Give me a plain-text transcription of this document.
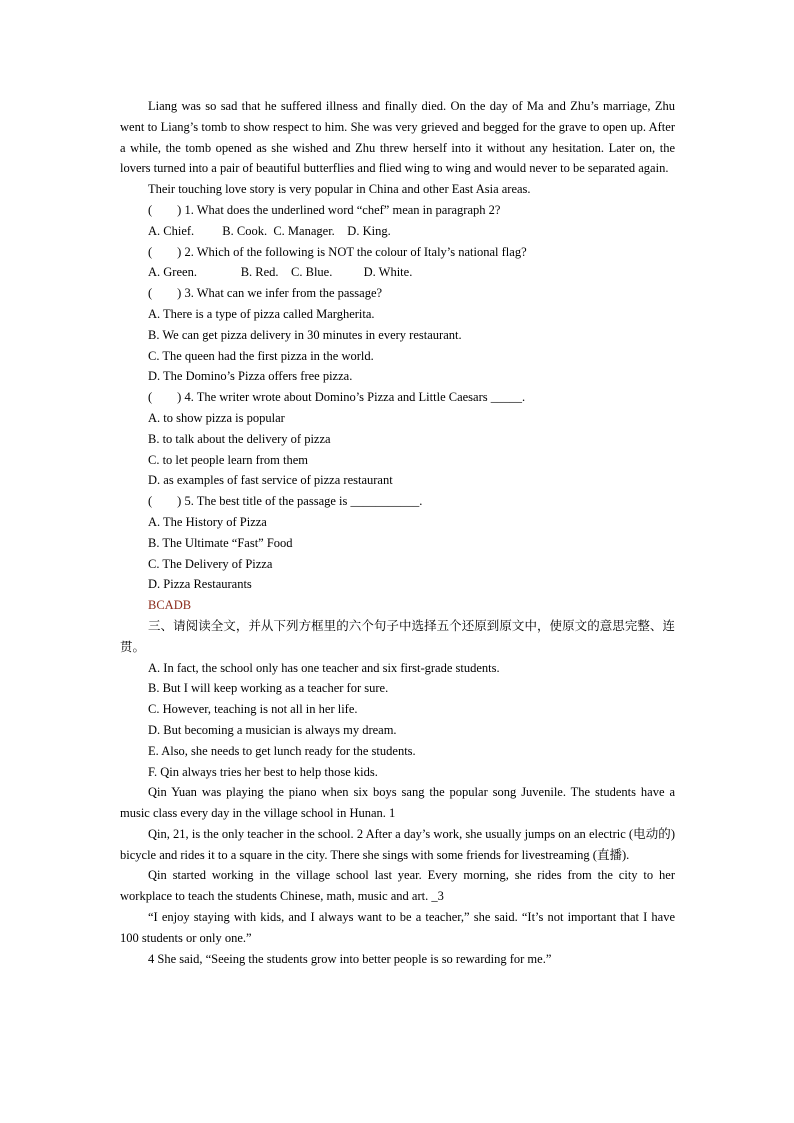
Liang was so sad that he suffered illness and finally died. On the day of Ma and Zhu’s marriage, Zhu went to Liang’s tomb to show respect to him. She was very grieved and begged for the grave to open up. After a while, the tomb opened as she wished and Zhu threw herself into it without any hesitation. Later on, the lovers turned into a pair of beautiful butterflies and flied wing to wing and would never to be separated again.

Their touching love story is very popular in China and other East Asia areas.

(        ) 1. What does the underlined word “chef” mean in paragraph 2?
A. Chief.         B. Cook.  C. Manager.    D. King.
(        ) 2. Which of the following is NOT the colour of Italy’s national flag?
A. Green.              B. Red.    C. Blue.          D. White.
(        ) 3. What can we infer from the passage?
A. There is a type of pizza called Margherita.
B. We can get pizza delivery in 30 minutes in every restaurant.
C. The queen had the first pizza in the world.
D. The Domino’s Pizza offers free pizza.
(        ) 4. The writer wrote about Domino’s Pizza and Little Caesars _____.
A. to show pizza is popular
B. to talk about the delivery of pizza
C. to let people learn from them
D. as examples of fast service of pizza restaurant
(        ) 5. The best title of the passage is ___________.
A. The History of Pizza
B. The Ultimate “Fast” Food
C. The Delivery of Pizza
D. Pizza Restaurants
BCADB

三、请阅读全文，并从下列方框里的六个句子中选择五个还原到原文中，使原文的意思完整、连贯。

A. In fact, the school only has one teacher and six first-grade students.
B. But I will keep working as a teacher for sure.
C. However, teaching is not all in her life.
D. But becoming a musician is always my dream.
E. Also, she needs to get lunch ready for the students.
F. Qin always tries her best to help those kids.

Qin Yuan was playing the piano when six boys sang the popular song Juvenile. The students have a music class every day in the village school in Hunan. 1

Qin, 21, is the only teacher in the school. 2 After a day’s work, she usually jumps on an electric (电动的) bicycle and rides it to a square in the city. There she sings with some friends for livestreaming (直播).

Qin started working in the village school last year. Every morning, she rides from the city to her workplace to teach the students Chinese, math, music and art. _3

“I enjoy staying with kids, and I always want to be a teacher,” she said. “It’s not important that I have 100 students or only one.”

4 She said, “Seeing the students grow into better people is so rewarding for me.”
